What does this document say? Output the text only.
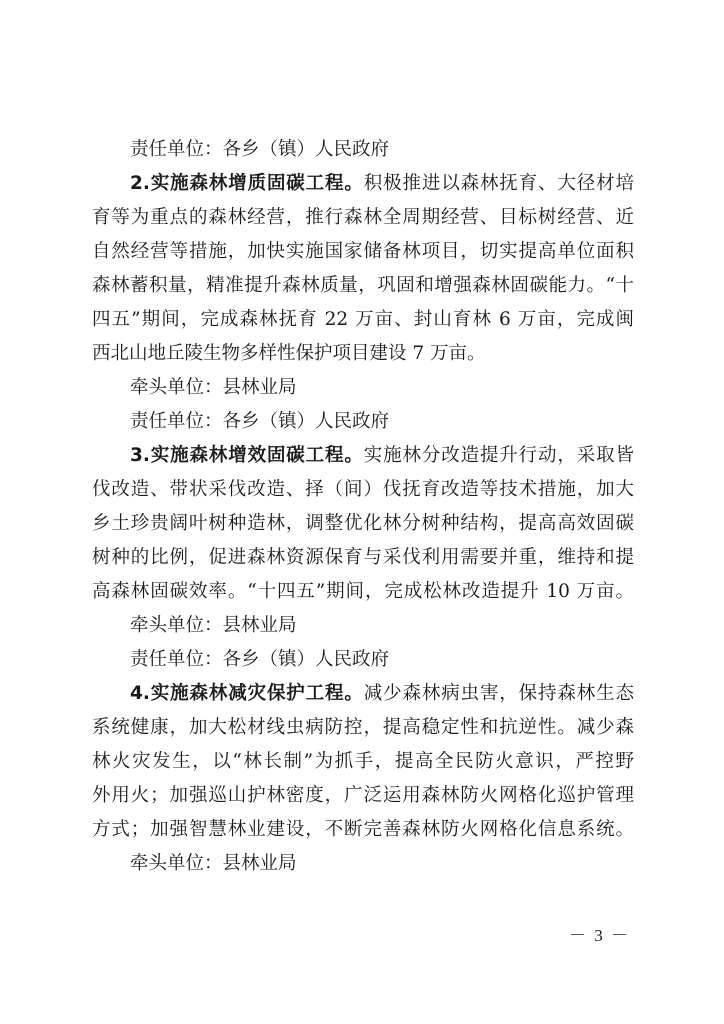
责任单位：各乡（镇）人民政府
2.实施森林增质固碳工程。积极推进以森林抚育、大径材培
育等为重点的森林经营，推行森林全周期经营、目标树经营、近
自然经营等措施，加快实施国家储备林项目，切实提高单位面积
森林蓄积量，精准提升森林质量，巩固和增强森林固碳能力。“十
四五”期间，完成森林抚育 22 万亩、封山育林 6 万亩，完成闽
西北山地丘陵生物多样性保护项目建设 7 万亩。
牵头单位：县林业局
责任单位：各乡（镇）人民政府
3.实施森林增效固碳工程。实施林分改造提升行动，采取皆
伐改造、带状采伐改造、择（间）伐抚育改造等技术措施，加大
乡土珍贵阔叶树种造林，调整优化林分树种结构，提高高效固碳
树种的比例，促进森林资源保育与采伐利用需要并重，维持和提
高森林固碳效率。“十四五”期间，完成松林改造提升 10 万亩。
牵头单位：县林业局
责任单位：各乡（镇）人民政府
4.实施森林减灾保护工程。减少森林病虫害，保持森林生态
系统健康，加大松材线虫病防控，提高稳定性和抗逆性。减少森
林火灾发生，以“林长制”为抓手，提高全民防火意识，严控野
外用火；加强巡山护林密度，广泛运用森林防火网格化巡护管理
方式；加强智慧林业建设，不断完善森林防火网格化信息系统。
牵头单位：县林业局
－ 3 －
